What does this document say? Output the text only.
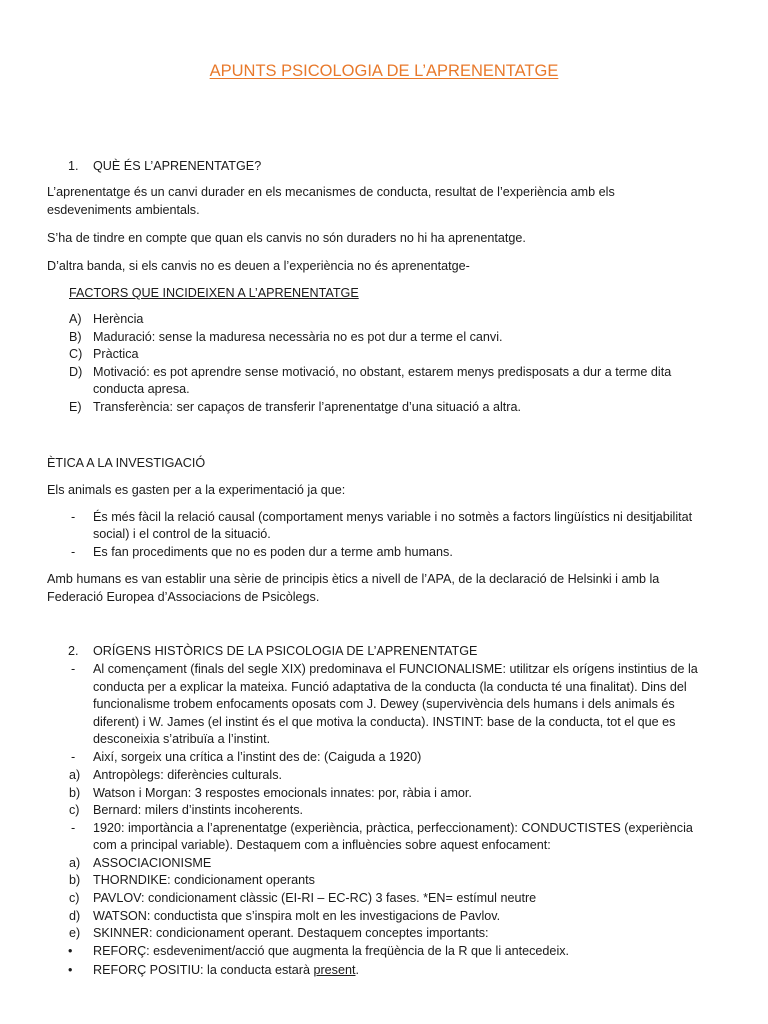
APUNTS PSICOLOGIA DE L’APRENENTATGE
1. QUÈ ÉS L’APRENENTATGE?
L’aprenentatge és un canvi durader en els mecanismes de conducta, resultat de l’experiència amb els
esdeveniments ambientals.
S’ha de tindre en compte que quan els canvis no són duraders no hi ha aprenentatge.
D’altra banda, si els canvis no es deuen a l’experiència no és aprenentatge-
FACTORS QUE INCIDEIXEN A L’APRENENTATGE
A) Herència
B) Maduració: sense la maduresa necessària no es pot dur a terme el canvi.
C) Pràctica
D) Motivació: es pot aprendre sense motivació, no obstant, estarem menys predisposats a dur a terme dita
conducta apresa.
E) Transferència: ser capaços de transferir l’aprenentatge d’una situació a altra.
ÈTICA A LA INVESTIGACIÓ
Els animals es gasten per a la experimentació ja que:
- És més fàcil la relació causal (comportament menys variable i no sotmès a factors lingüístics ni desitjabilitat
social) i el control de la situació.
- Es fan procediments que no es poden dur a terme amb humans.
Amb humans es van establir una sèrie de principis ètics a nivell de l’APA, de la declaració de Helsinki i amb la
Federació Europea d’Associacions de Psicòlegs.
2. ORÍGENS HISTÒRICS DE LA PSICOLOGIA DE L’APRENENTATGE
- Al començament (finals del segle XIX) predominava el FUNCIONALISME: utilitzar els orígens instintius de la
conducta per a explicar la mateixa. Funció adaptativa de la conducta (la conducta té una finalitat). Dins del
funcionalisme trobem enfocaments oposats com J. Dewey (supervivència dels humans i dels animals és
diferent) i W. James (el instint és el que motiva la conducta). INSTINT: base de la conducta, tot el que es
desconeixia s’atribuïa a l’instint.
- Així, sorgeix una crítica a l’instint des de: (Caiguda a 1920)
a) Antropòlegs: diferències culturals.
b) Watson i Morgan: 3 respostes emocionals innates: por, ràbia i amor.
c) Bernard: milers d’instints incoherents.
- 1920: importància a l’aprenentatge (experiència, pràctica, perfeccionament): CONDUCTISTES (experiència
com a principal variable). Destaquem com a influències sobre aquest enfocament:
a) ASSOCIACIONISME
b) THORNDIKE: condicionament operants
c) PAVLOV: condicionament clàssic (EI-RI – EC-RC) 3 fases. *EN= estímul neutre
d) WATSON: conductista que s’inspira molt en les investigacions de Pavlov.
e) SKINNER: condicionament operant. Destaquem conceptes importants:
• REFORÇ: esdeveniment/acció que augmenta la freqüència de la R que li antecedeix.
• REFORÇ POSITIU: la conducta estarà present.
